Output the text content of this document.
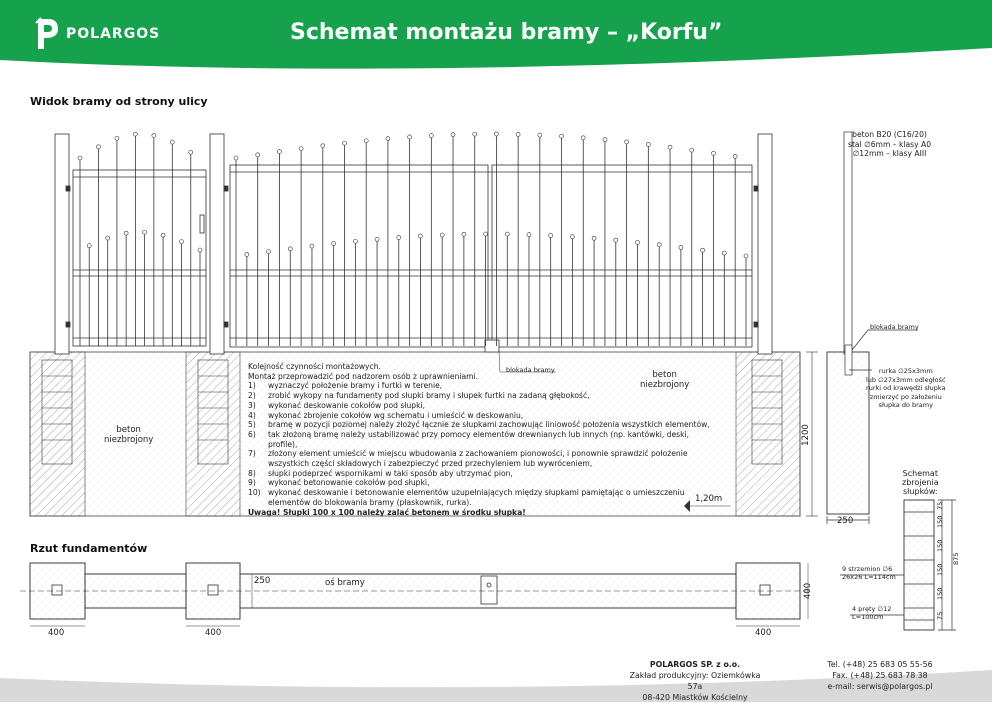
POLARGOS	Schemat montażu bramy – „Korfu”
Widok bramy od strony ulicy
Rzut fundamentów
beton
niezbrojony
beton
niezbrojony
blokada bramy
1,20m
1200
Kolejność czynności montażowych.
Montaż przeprowadzić pod nadzorem osób z uprawnieniami.
1)	wyznaczyć położenie bramy i furtki w terenie,
2)	zrobić wykopy na fundamenty pod słupki bramy i słupek furtki na zadaną głębokość,
3)	wykonać deskowanie cokołów pod słupki,
4)	wykonać zbrojenie cokołów wg schematu i umieścić w deskowaniu,
5)	bramę w pozycji poziomej należy złożyć łącznie ze słupkami zachowując liniowość położenia wszystkich elementów,
6)	tak złożoną bramę należy ustabilizować przy pomocy elementów drewnianych lub innych (np. kantówki, deski, profile),
7)	złożony element umieścić w miejscu wbudowania z zachowaniem pionowości, i ponownie sprawdzić położenie wszystkich części składowych i zabezpieczyć przed przechyleniem lub wywróceniem,
8)	słupki podeprzeć wspornikami w taki sposób aby utrzymać pion,
9)	wykonać betonowanie cokołów pod słupki,
10) wykonać deskowanie i betonowanie elementów uzupełniających między słupkami pamiętając o umieszczeniu elementów do blokowania bramy (płaskownik, rurka).
Uwaga! Słupki 100 x 100 należy zalać betonem w środku słupka!
beton B20 (C16/20)
stal ∅6mm – klasy A0
∅12mm – klasy AIII
blokada bramy
rurka ∅25x3mm
lub ∅27x3mm odległość
rurki od krawędzi słupka
zmierzyć po założeniu
słupka do bramy
250
Schemat
zbrojenia
słupków:
9 strzemion ∅6
26x26 L=114cm
4 pręty ∅12
L=100cm
75
150
150
150
150
75
875
250	oś bramy
400	400	400
400
POLARGOS SP. z o.o.
Zakład produkcyjny: Oziemkówka 57a
08-420 Miastków Kościelny
Tel. (+48) 25 683 05 55-56
Fax. (+48) 25 683 78 38
e-mail: serwis@polargos.pl
